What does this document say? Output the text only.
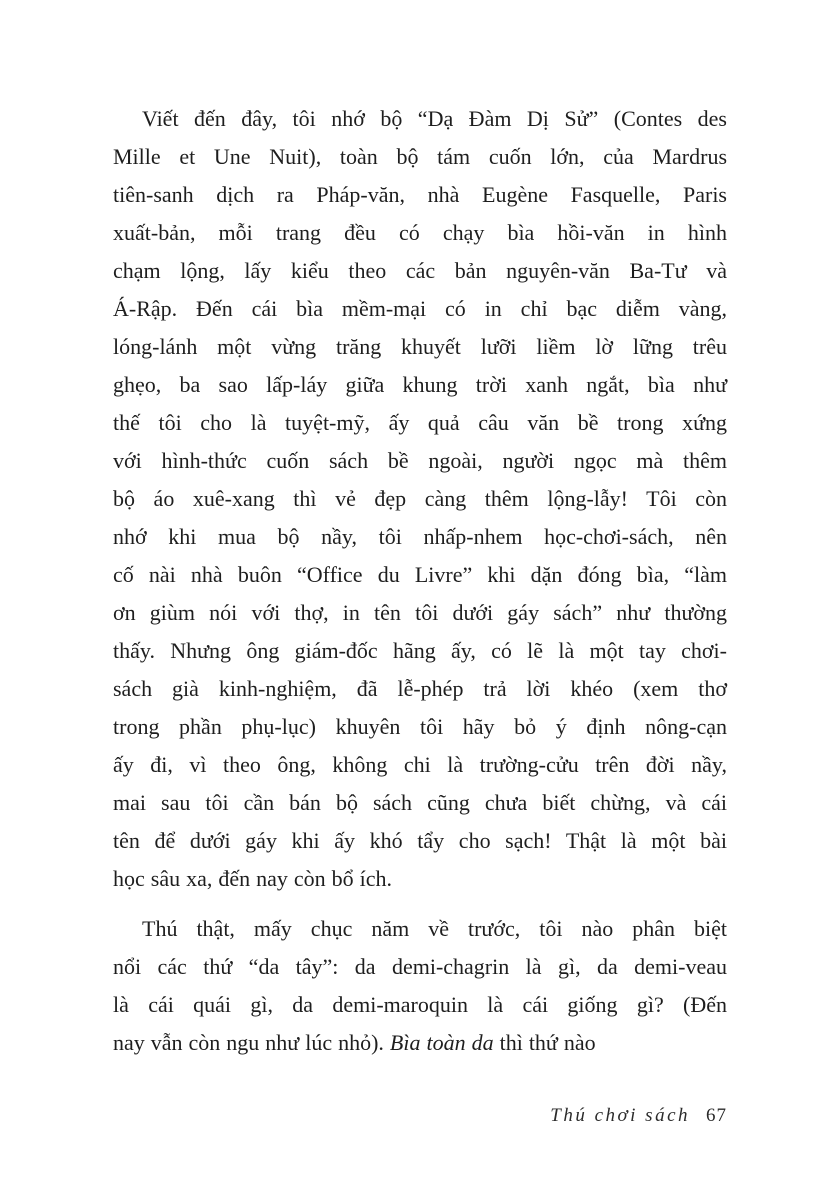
Viết đến đây, tôi nhớ bộ “Dạ Đàm Dị Sử” (Contes des
Mille et Une Nuit), toàn bộ tám cuốn lớn, của Mardrus
tiên-sanh dịch ra Pháp-văn, nhà Eugène Fasquelle, Paris
xuất-bản, mỗi trang đều có chạy bìa hồi-văn in hình
chạm lộng, lấy kiểu theo các bản nguyên-văn Ba-Tư và
Á-Rập. Đến cái bìa mềm-mại có in chỉ bạc diễm vàng,
lóng-lánh một vừng trăng khuyết lưỡi liềm lờ lững trêu
ghẹo, ba sao lấp-láy giữa khung trời xanh ngắt, bìa như
thế tôi cho là tuyệt-mỹ, ấy quả câu văn bề trong xứng
với hình-thức cuốn sách bề ngoài, người ngọc mà thêm
bộ áo xuê-xang thì vẻ đẹp càng thêm lộng-lẫy! Tôi còn
nhớ khi mua bộ nầy, tôi nhấp-nhem học-chơi-sách, nên
cố nài nhà buôn “Office du Livre” khi dặn đóng bìa, “làm
ơn giùm nói với thợ, in tên tôi dưới gáy sách” như thường
thấy. Nhưng ông giám-đốc hãng ấy, có lẽ là một tay chơi-
sách già kinh-nghiệm, đã lễ-phép trả lời khéo (xem thơ
trong phần phụ-lục) khuyên tôi hãy bỏ ý định nông-cạn
ấy đi, vì theo ông, không chi là trường-cửu trên đời nầy,
mai sau tôi cần bán bộ sách cũng chưa biết chừng, và cái
tên để dưới gáy khi ấy khó tẩy cho sạch! Thật là một bài
học sâu xa, đến nay còn bổ ích.
Thú thật, mấy chục năm về trước, tôi nào phân biệt
nổi các thứ “da tây”: da demi-chagrin là gì, da demi-veau
là cái quái gì, da demi-maroquin là cái giống gì? (Đến
nay vẫn còn ngu như lúc nhỏ). Bìa toàn da thì thứ nào
Thú chơi sách 67
